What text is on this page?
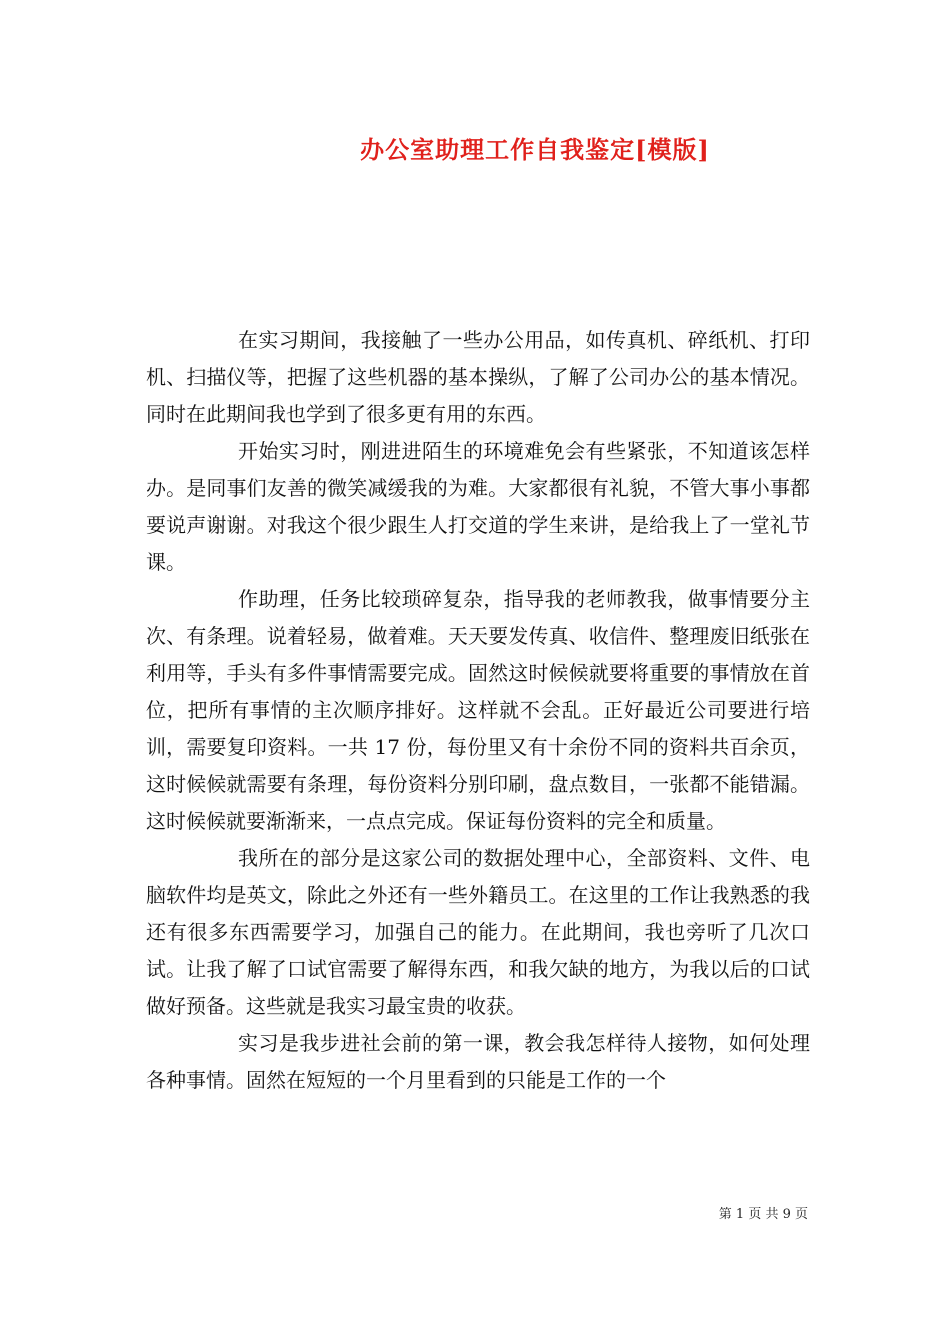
办公室助理工作自我鉴定[模版]

在实习期间，我接触了一些办公用品，如传真机、碎纸机、打印机、扫描仪等，把握了这些机器的基本操纵，了解了公司办公的基本情况。同时在此期间我也学到了很多更有用的东西。

开始实习时，刚进进陌生的环境难免会有些紧张，不知道该怎样办。是同事们友善的微笑减缓我的为难。大家都很有礼貌，不管大事小事都要说声谢谢。对我这个很少跟生人打交道的学生来讲，是给我上了一堂礼节课。

作助理，任务比较琐碎复杂，指导我的老师教我，做事情要分主次、有条理。说着轻易，做着难。天天要发传真、收信件、整理废旧纸张在利用等，手头有多件事情需要完成。固然这时候候就要将重要的事情放在首位，把所有事情的主次顺序排好。这样就不会乱。正好最近公司要进行培训，需要复印资料。一共 17 份，每份里又有十余份不同的资料共百余页，这时候候就需要有条理，每份资料分别印刷，盘点数目，一张都不能错漏。这时候候就要渐渐来，一点点完成。保证每份资料的完全和质量。

我所在的部分是这家公司的数据处理中心，全部资料、文件、电脑软件均是英文，除此之外还有一些外籍员工。在这里的工作让我熟悉的我还有很多东西需要学习，加强自己的能力。在此期间，我也旁听了几次口试。让我了解了口试官需要了解得东西，和我欠缺的地方，为我以后的口试做好预备。这些就是我实习最宝贵的收获。

实习是我步进社会前的第一课，教会我怎样待人接物，如何处理各种事情。固然在短短的一个月里看到的只能是工作的一个

第 1 页 共 9 页
